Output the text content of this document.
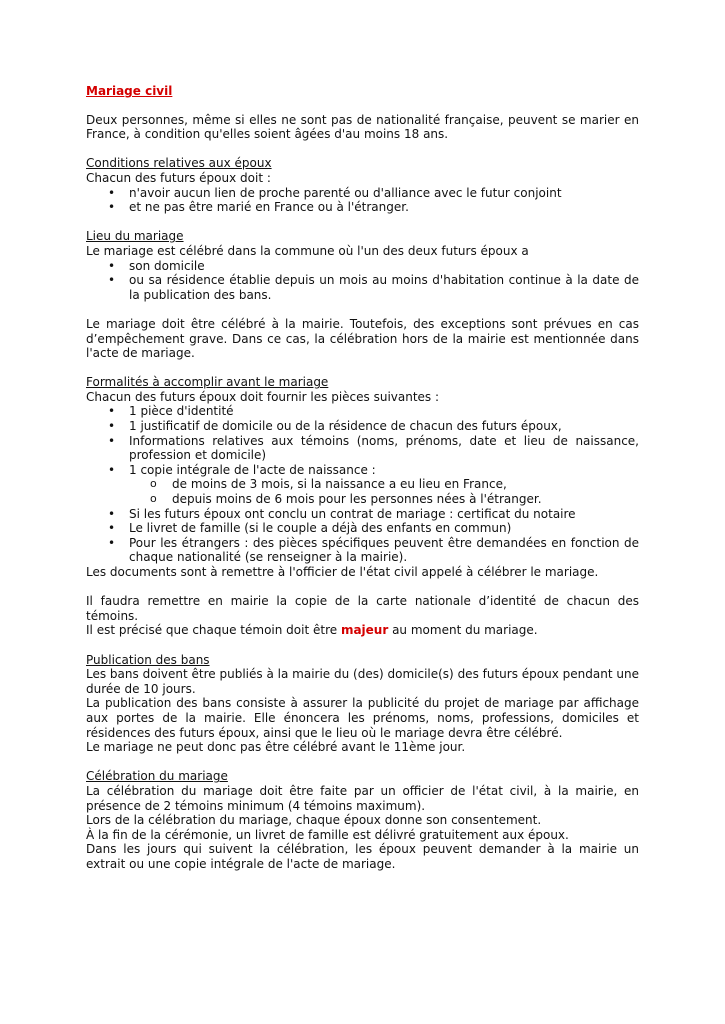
Mariage civil

Deux personnes, même si elles ne sont pas de nationalité française, peuvent se marier en France, à condition qu'elles soient âgées d'au moins 18 ans.

Conditions relatives aux époux

Chacun des futurs époux doit :

• n'avoir aucun lien de proche parenté ou d'alliance avec le futur conjoint
• et ne pas être marié en France ou à l'étranger.
Lieu du mariage

Le mariage est célébré dans la commune où l'un des deux futurs époux a

• son domicile
• ou sa résidence établie depuis un mois au moins d'habitation continue à la date de la publication des bans.

Le mariage doit être célébré à la mairie. Toutefois, des exceptions sont prévues en cas d’empêchement grave. Dans ce cas, la célébration hors de la mairie est mentionnée dans l'acte de mariage.

Formalités à accomplir avant le mariage

Chacun des futurs époux doit fournir les pièces suivantes :

• 1 pièce d'identité
• 1 justificatif de domicile ou de la résidence de chacun des futurs époux,
• Informations relatives aux témoins (noms, prénoms, date et lieu de naissance, profession et domicile)
• 1 copie intégrale de l'acte de naissance :
o de moins de 3 mois, si la naissance a eu lieu en France,
o depuis moins de 6 mois pour les personnes nées à l'étranger.
• Si les futurs époux ont conclu un contrat de mariage : certificat du notaire
• Le livret de famille (si le couple a déjà des enfants en commun)
• Pour les étrangers : des pièces spécifiques peuvent être demandées en fonction de chaque nationalité (se renseigner à la mairie).

Les documents sont à remettre à l'officier de l'état civil appelé à célébrer le mariage.

Il faudra remettre en mairie la copie de la carte nationale d’identité de chacun des témoins.

Il est précisé que chaque témoin doit être majeur au moment du mariage.

Publication des bans

Les bans doivent être publiés à la mairie du (des) domicile(s) des futurs époux pendant une durée de 10 jours.

La publication des bans consiste à assurer la publicité du projet de mariage par affichage aux portes de la mairie. Elle énoncera les prénoms, noms, professions, domiciles et résidences des futurs époux, ainsi que le lieu où le mariage devra être célébré.

Le mariage ne peut donc pas être célébré avant le 11ème jour.

Célébration du mariage

La célébration du mariage doit être faite par un officier de l'état civil, à la mairie, en présence de 2 témoins minimum (4 témoins maximum).

Lors de la célébration du mariage, chaque époux donne son consentement.

À la fin de la cérémonie, un livret de famille est délivré gratuitement aux époux.

Dans les jours qui suivent la célébration, les époux peuvent demander à la mairie un extrait ou une copie intégrale de l'acte de mariage.
